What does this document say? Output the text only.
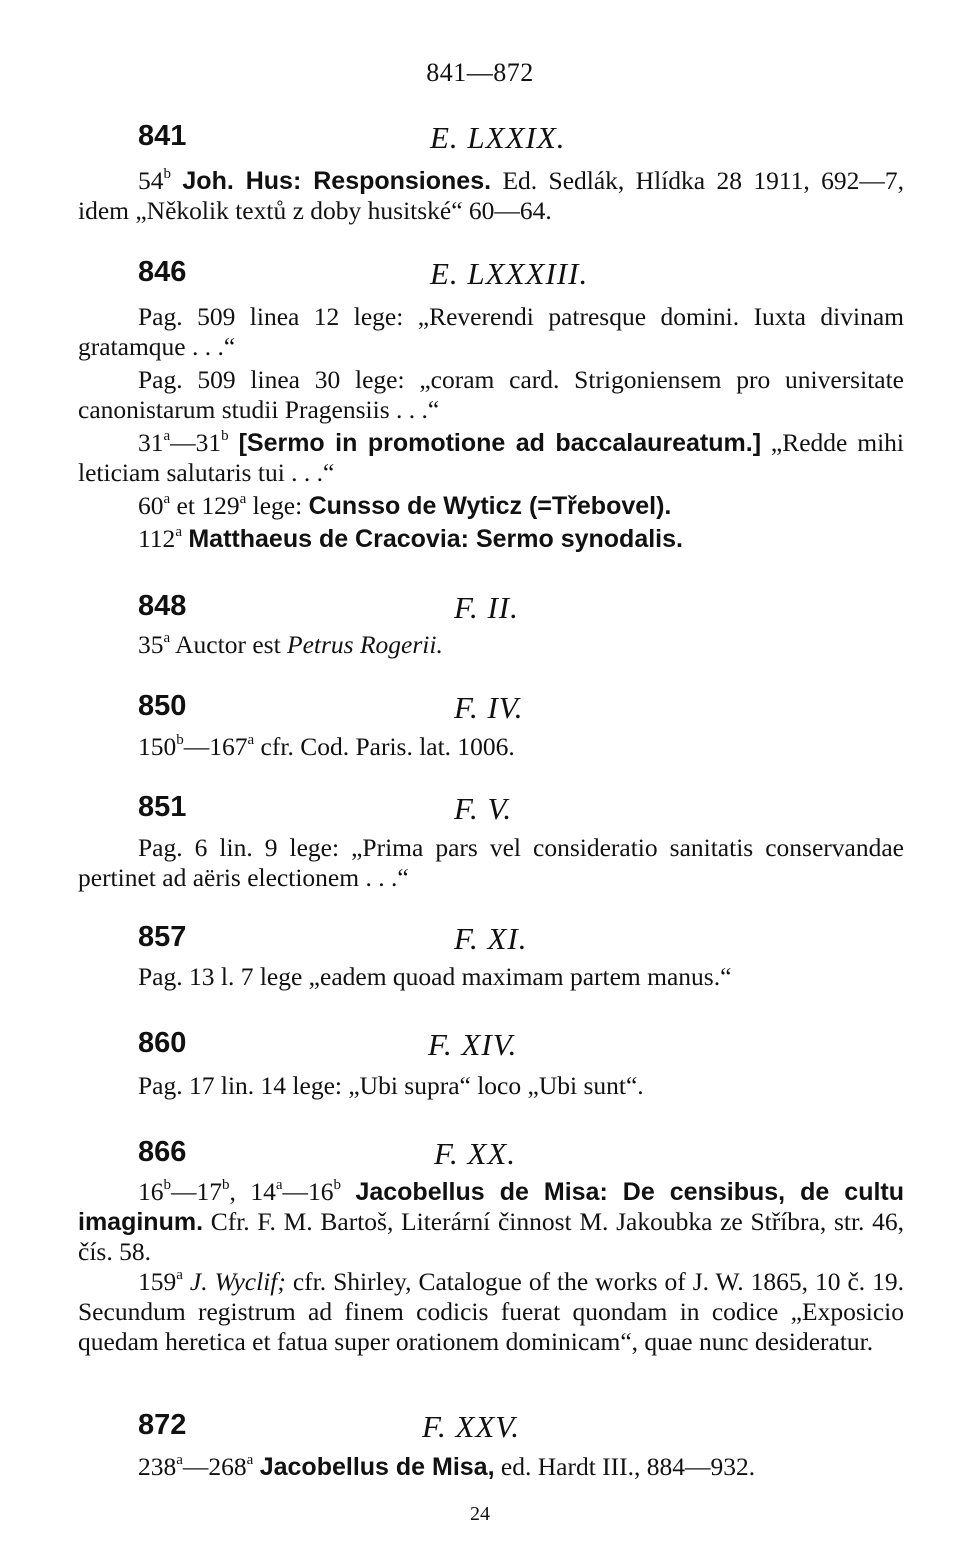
841—872
841	E. LXXIX.

54$^b$ Joh. Hus: Responsiones. Ed. Sedlák, Hlídka 28 1911, 692—7, idem „Několik textů z doby husitské“ 60—64.

846	E. LXXXIII.

Pag. 509 linea 12 lege: „Reverendi patresque domini. Iuxta divinam gratamque . . .“

Pag. 509 linea 30 lege: „coram card. Strigoniensem pro universitate canonistarum studii Pragensiis . . .“

31$^a$—31$^b$ [Sermo in promotione ad baccalaureatum.] „Redde mihi leticiam salutaris tui . . .“

60$^a$ et 129$^a$ lege: Cunsso de Wyticz (=Třebovel).

112$^a$ Matthaeus de Cracovia: Sermo synodalis.

848	F. II.

35$^a$ Auctor est Petrus Rogerii.

850	F. IV.

150$^b$—167$^a$ cfr. Cod. Paris. lat. 1006.

851	F. V.

Pag. 6 lin. 9 lege: „Prima pars vel consideratio sanitatis conservandae pertinet ad aëris electionem . . .“

857	F. XI.

Pag. 13 l. 7 lege „eadem quoad maximam partem manus.“

860	F. XIV.

Pag. 17 lin. 14 lege: „Ubi supra“ loco „Ubi sunt“.

866	F. XX.

16$^b$—17$^b$, 14$^a$—16$^b$ Jacobellus de Misa: De censibus, de cultu imaginum. Cfr. F. M. Bartoš, Literární činnost M. Jakoubka ze Stříbra, str. 46, čís. 58.

159$^a$ J. Wyclif; cfr. Shirley, Catalogue of the works of J. W. 1865, 10 č. 19. Secundum registrum ad finem codicis fuerat quondam in codice „Exposicio quedam heretica et fatua super orationem dominicam“, quae nunc desideratur.

872	F. XXV.

238$^a$—268$^a$ Jacobellus de Misa, ed. Hardt III., 884—932.

24
